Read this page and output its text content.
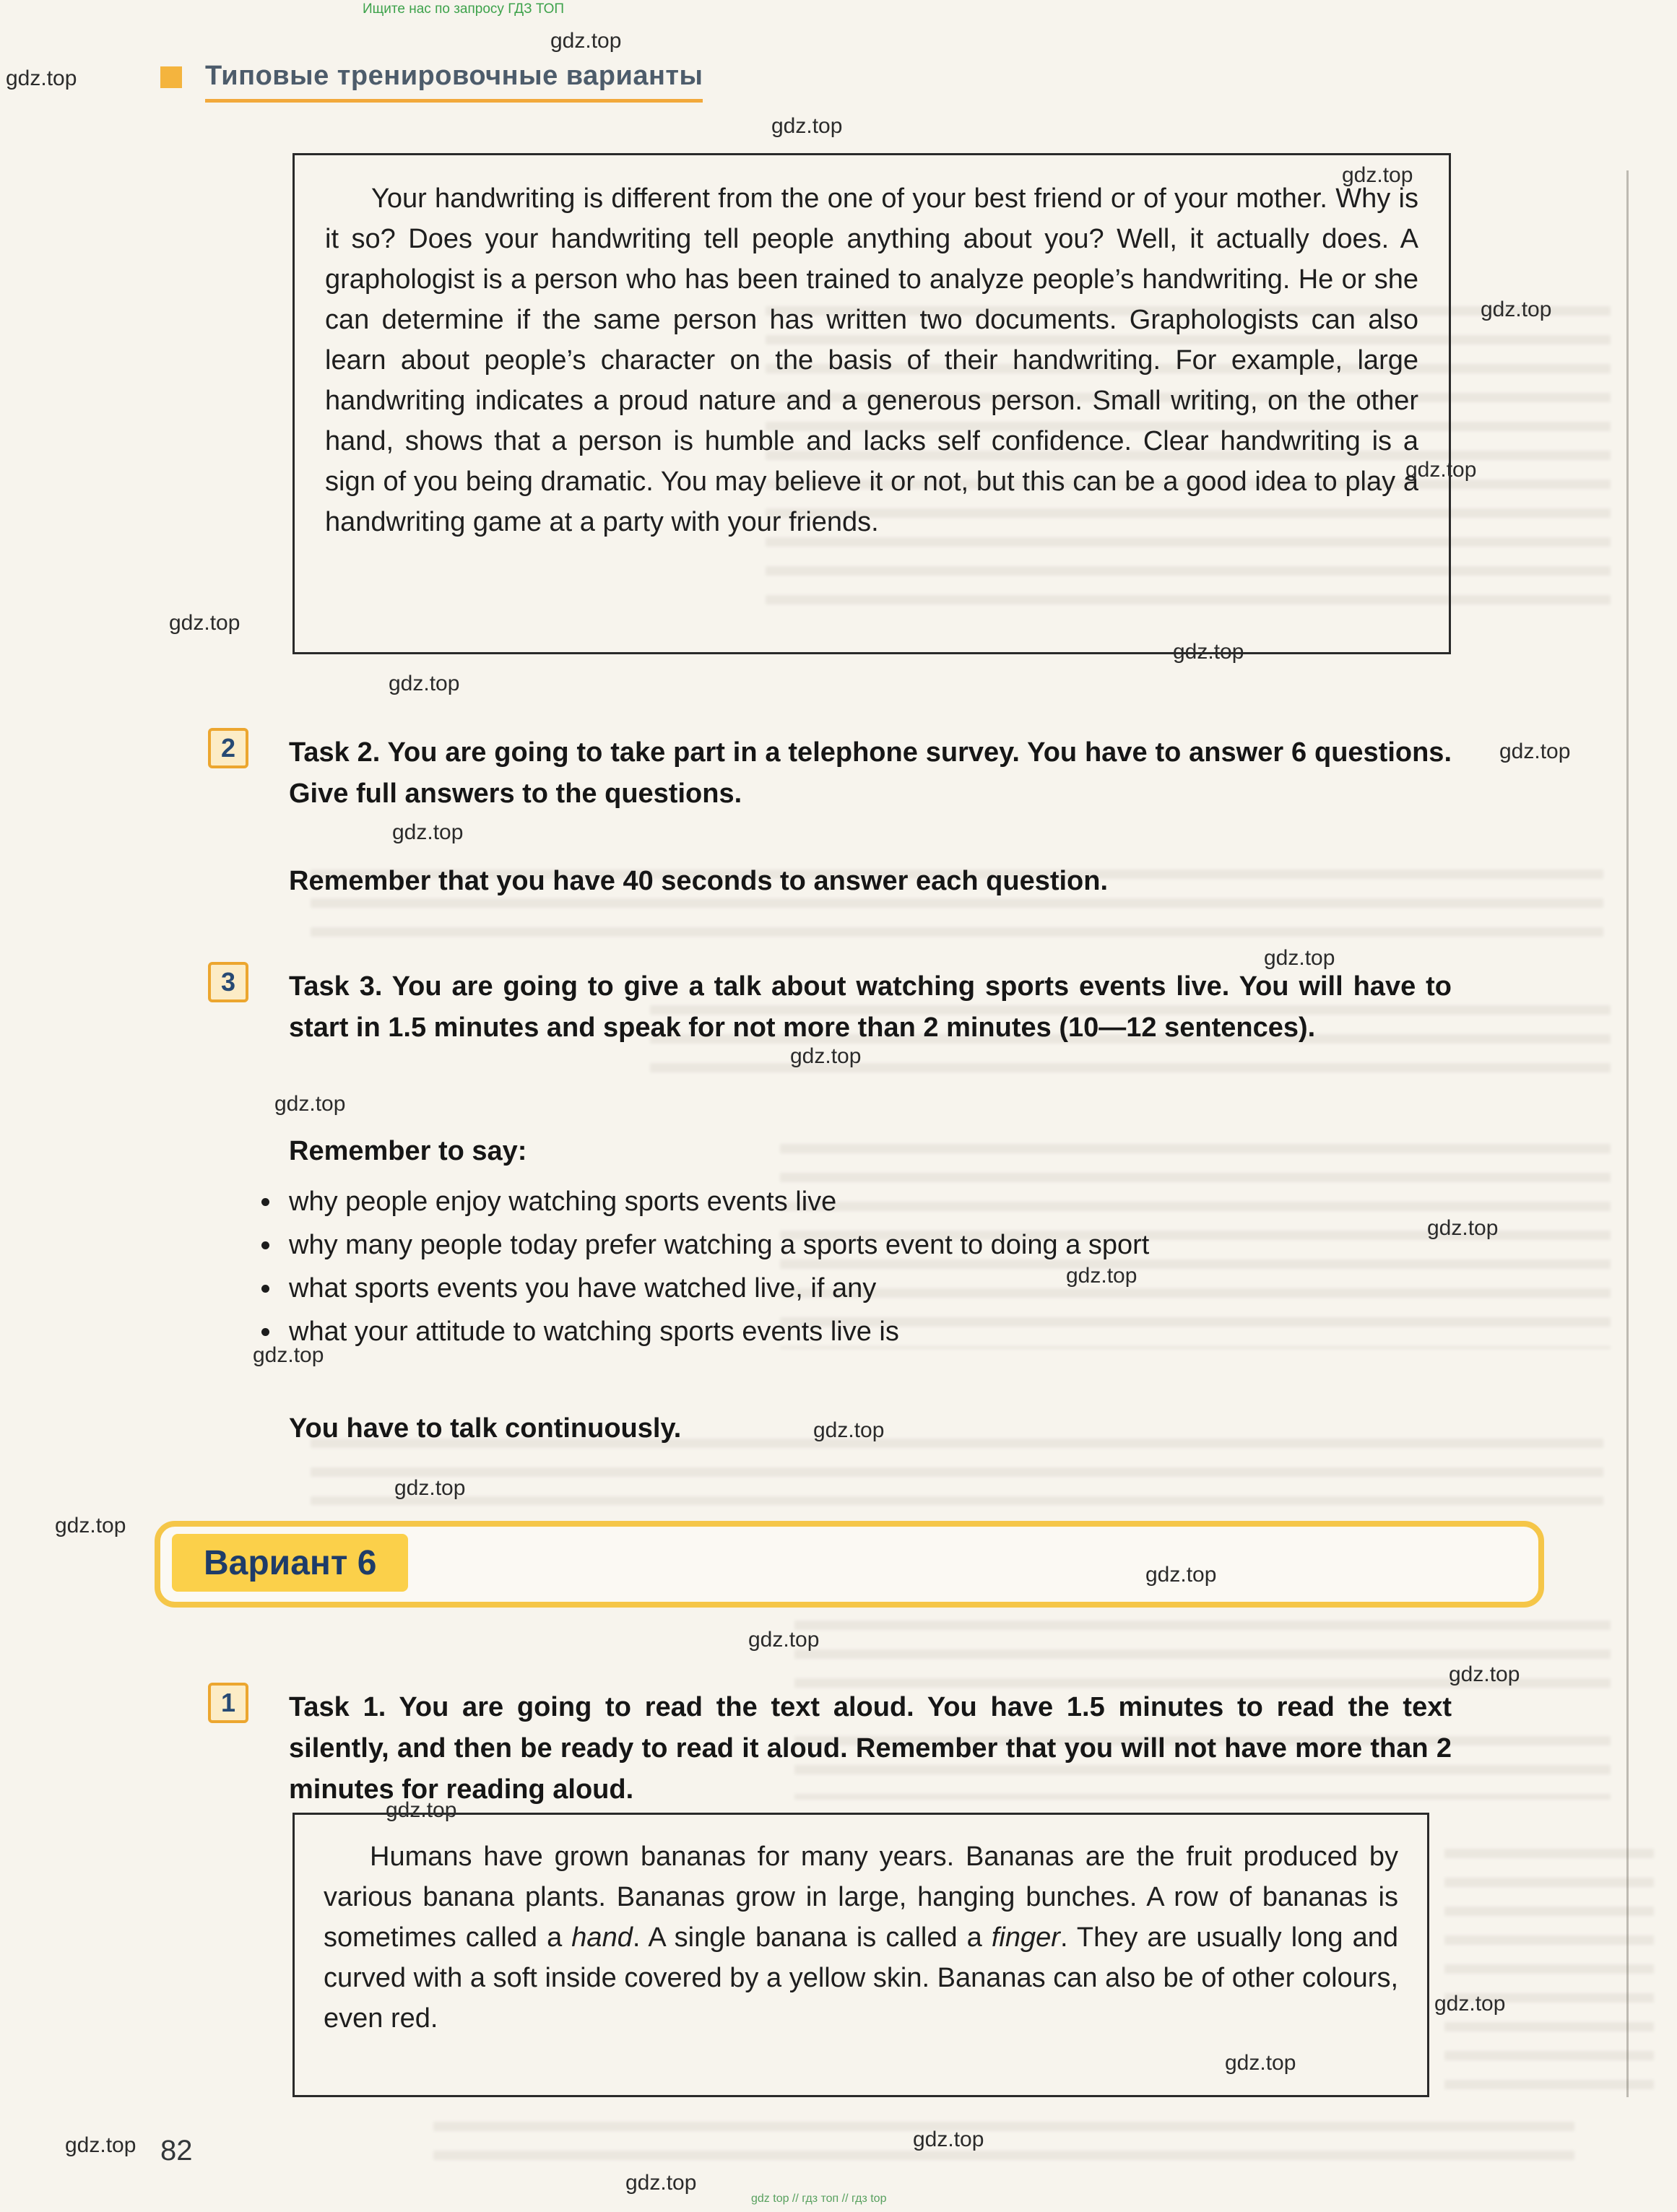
Ищите нас по запросу ГДЗ ТОП
gdz top // гдз топ // гдз top
gdz.top
gdz.top
gdz.top
gdz.top
gdz.top
gdz.top
gdz.top
gdz.top
gdz.top
gdz.top
gdz.top
gdz.top
gdz.top
gdz.top
gdz.top
gdz.top
gdz.top
gdz.top
gdz.top
gdz.top
gdz.top
gdz.top
gdz.top
gdz.top
gdz.top
gdz.top
gdz.top	gdz.top
gdz.top
Типовые тренировочные варианты

Your handwriting is different from the one of your best friend or of your mother. Why is it so? Does your handwriting tell people anything about you? Well, it actually does. A graphologist is a person who has been trained to analyze people’s handwriting. He or she can determine if the same person has written two documents. Graphologists can also learn about people’s character on the basis of their handwriting. For example, large handwriting indicates a proud nature and a generous person. Small writing, on the other hand, shows that a person is humble and lacks self confidence. Clear handwriting is a sign of you being dramatic. You may believe it or not, but this can be a good idea to play a handwriting game at a party with your friends.

2 Task 2. You are going to take part in a telephone survey. You have to answer 6 questions. Give full answers to the questions.

Remember that you have 40 seconds to answer each question.

3 Task 3. You are going to give a talk about watching sports events live. You will have to start in 1.5 minutes and speak for not more than 2 minutes (10—12 sentences).

Remember to say:

why people enjoy watching sports events live
why many people today prefer watching a sports event to doing a sport
what sports events you have watched live, if any
what your attitude to watching sports events live is

You have to talk continuously.

Вариант 6
1 Task 1. You are going to read the text aloud. You have 1.5 minutes to read the text silently, and then be ready to read it aloud. Remember that you will not have more than 2 minutes for reading aloud.

Humans have grown bananas for many years. Bananas are the fruit produced by various banana plants. Bananas grow in large, hanging bunches. A row of bananas is sometimes called a hand. A single banana is called a finger. They are usually long and curved with a soft inside covered by a yellow skin. Bananas can also be of other colours, even red.

82
